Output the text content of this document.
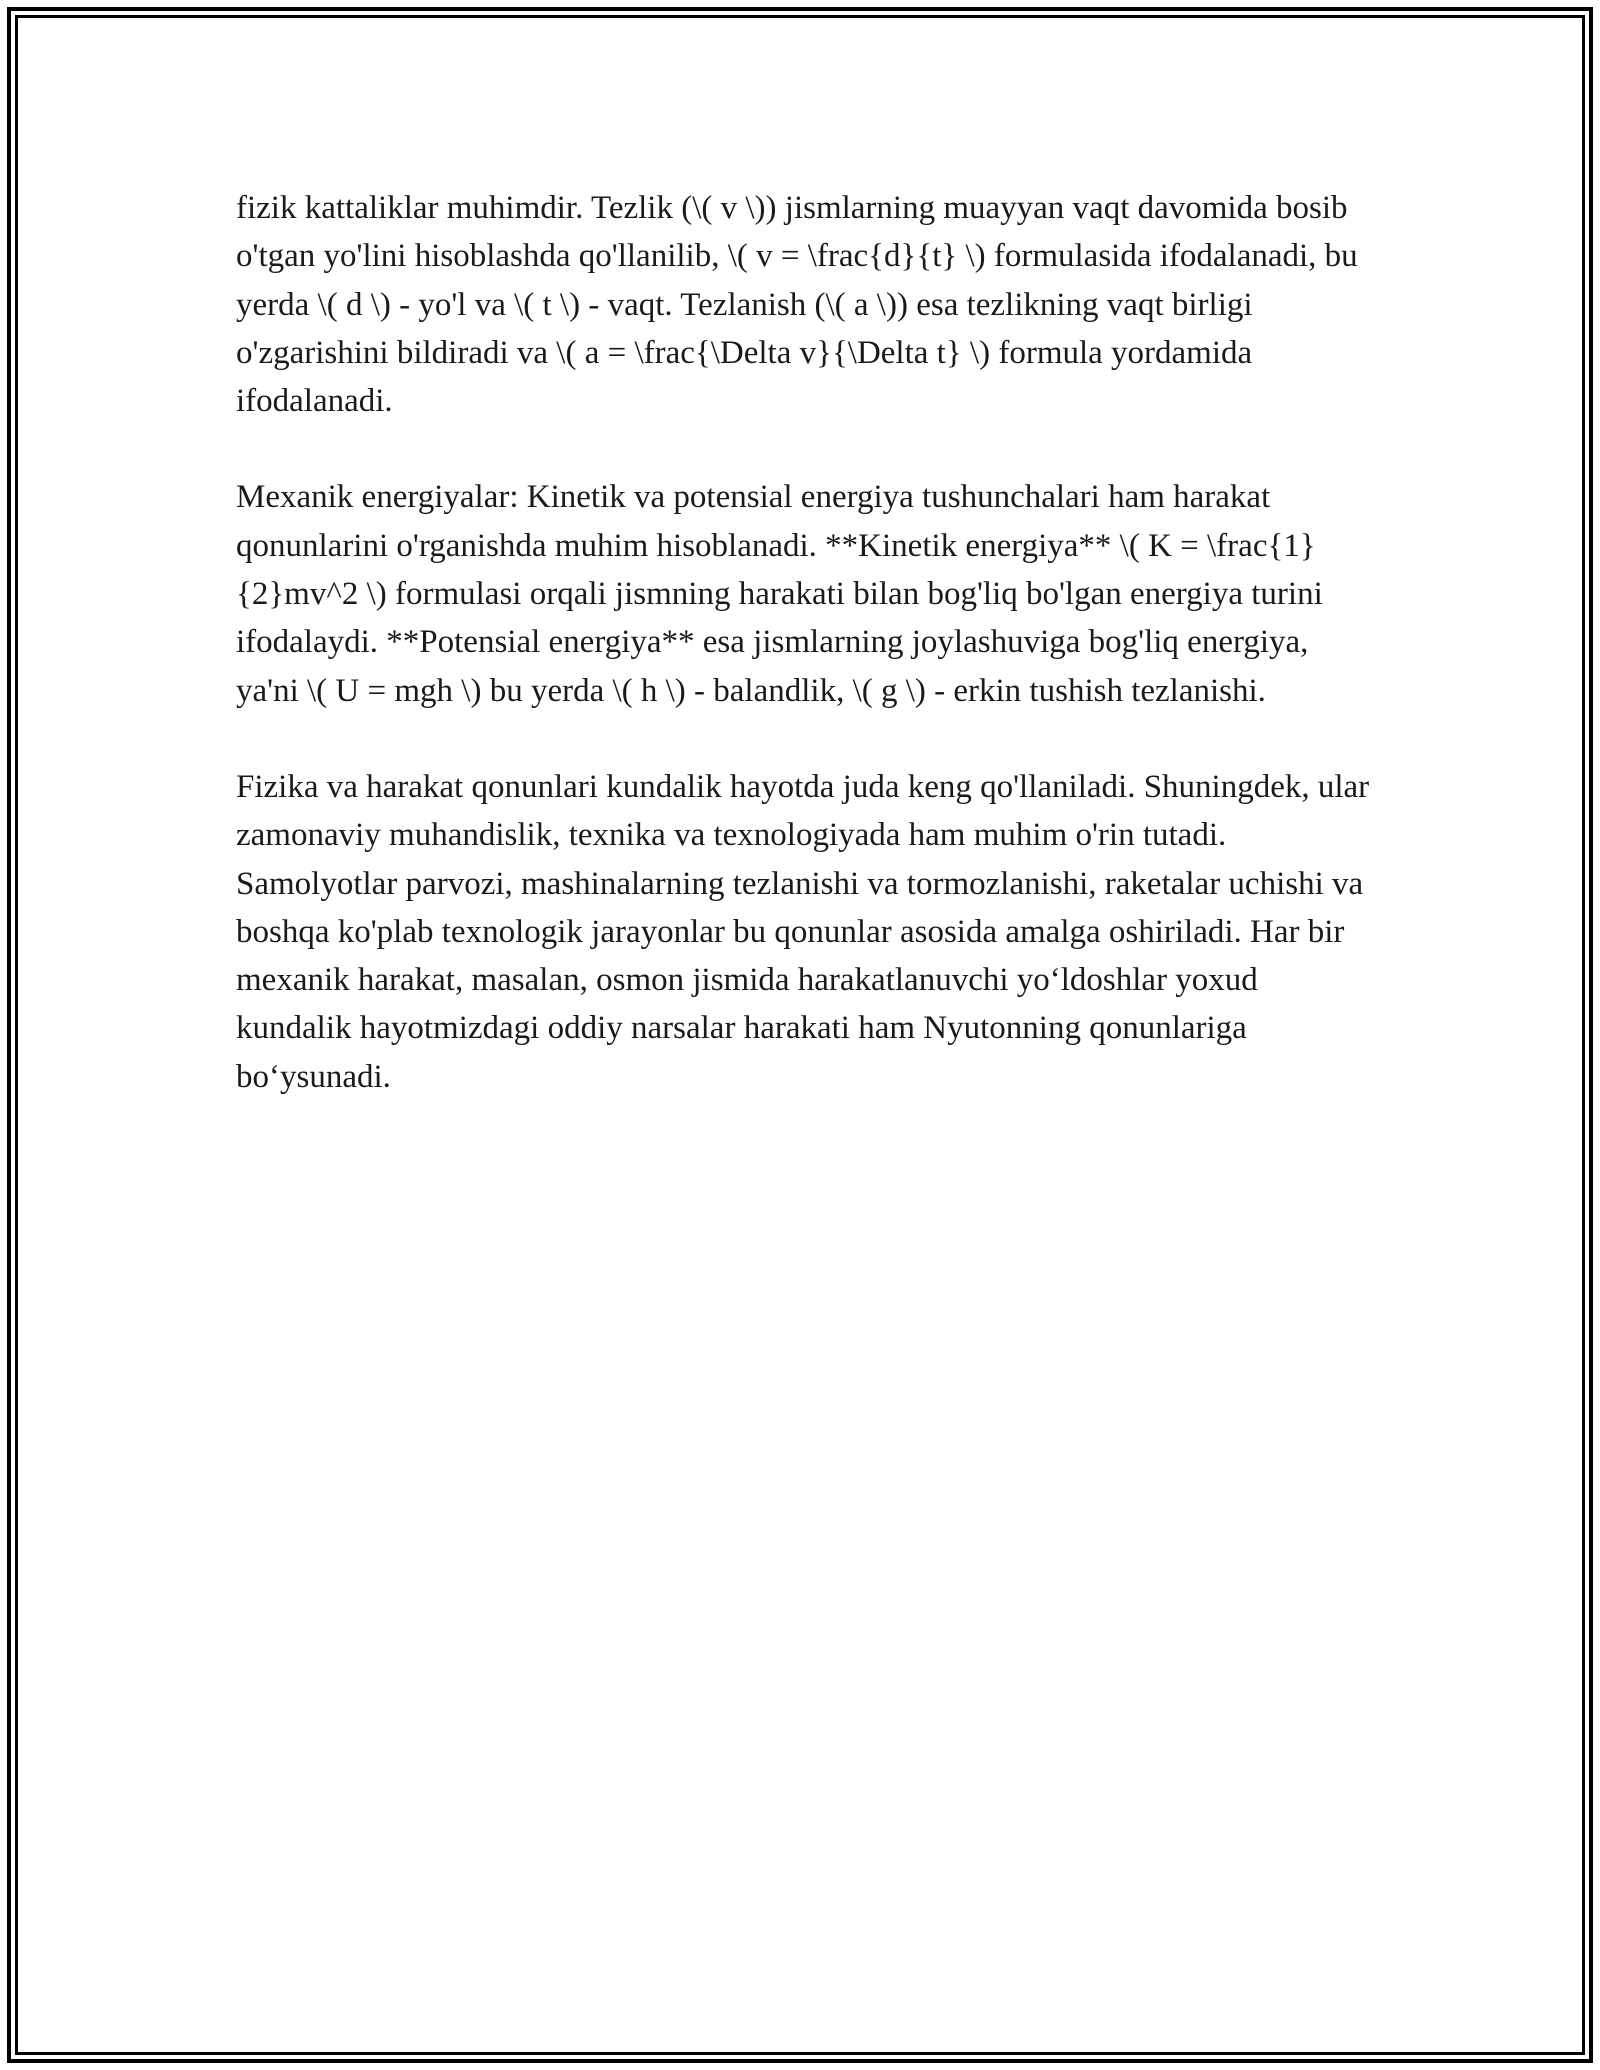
fizik kattaliklar muhimdir. Tezlik (\( v \)) jismlarning muayyan vaqt davomida bosib o'tgan yo'lini hisoblashda qo'llanilib, \( v = \frac{d}{t} \) formulasida ifodalanadi, bu yerda \( d \) - yo'l va \( t \) - vaqt. Tezlanish (\( a \)) esa tezlikning vaqt birligi o'zgarishini bildiradi va \( a = \frac{\Delta v}{\Delta t} \) formula yordamida ifodalanadi.

Mexanik energiyalar: Kinetik va potensial energiya tushunchalari ham harakat qonunlarini o'rganishda muhim hisoblanadi. **Kinetik energiya** \( K = \frac{1}{2}mv^2 \) formulasi orqali jismning harakati bilan bog'liq bo'lgan energiya turini ifodalaydi. **Potensial energiya** esa jismlarning joylashuviga bog'liq energiya, ya'ni \( U = mgh \) bu yerda \( h \) - balandlik, \( g \) - erkin tushish tezlanishi.

Fizika va harakat qonunlari kundalik hayotda juda keng qo'llaniladi. Shuningdek, ular zamonaviy muhandislik, texnika va texnologiyada ham muhim o'rin tutadi. Samolyotlar parvozi, mashinalarning tezlanishi va tormozlanishi, raketalar uchishi va boshqa ko'plab texnologik jarayonlar bu qonunlar asosida amalga oshiriladi. Har bir mexanik harakat, masalan, osmon jismida harakatlanuvchi yo‘ldoshlar yoxud kundalik hayotmizdagi oddiy narsalar harakati ham Nyutonning qonunlariga bo‘ysunadi.
